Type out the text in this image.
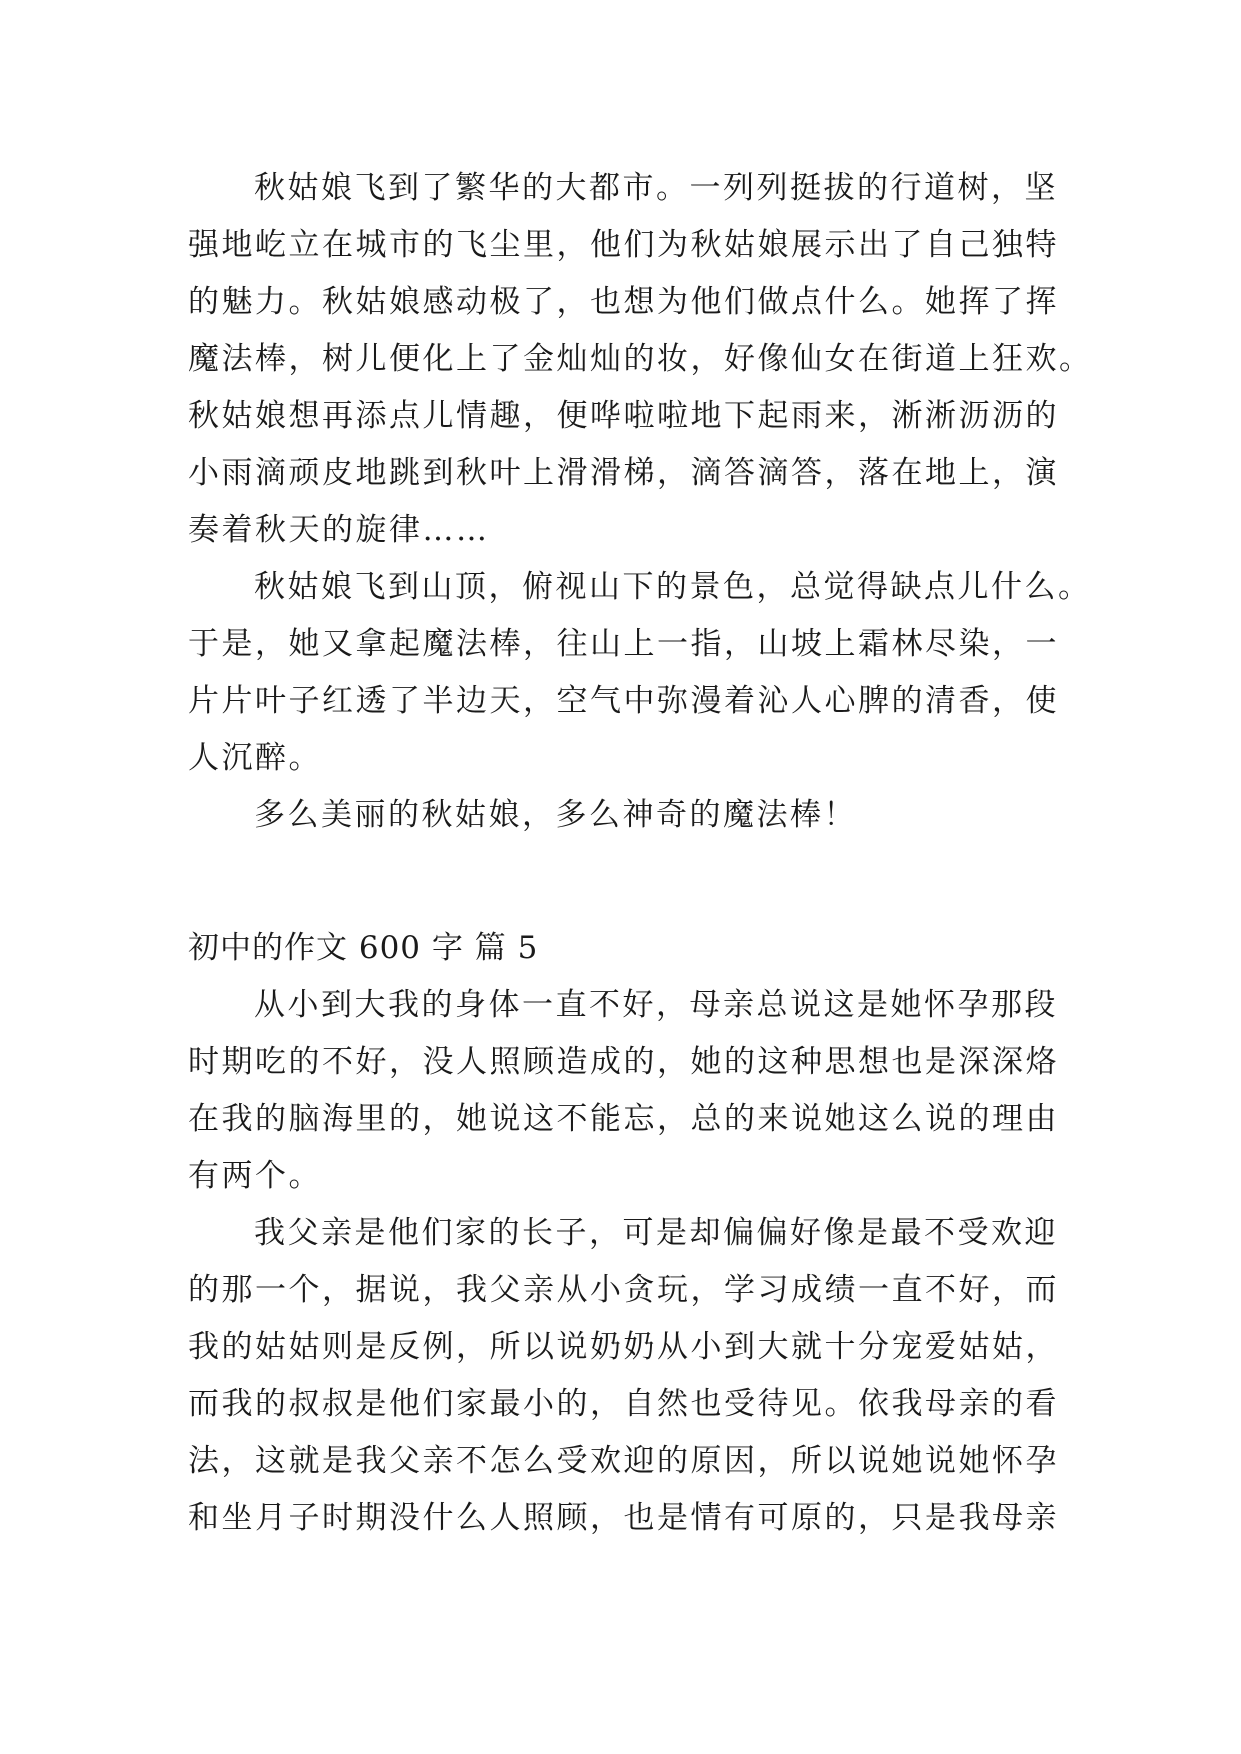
秋姑娘飞到了繁华的大都市。一列列挺拔的行道树，坚
强地屹立在城市的飞尘里，他们为秋姑娘展示出了自己独特
的魅力。秋姑娘感动极了，也想为他们做点什么。她挥了挥
魔法棒，树儿便化上了金灿灿的妆，好像仙女在街道上狂欢。
秋姑娘想再添点儿情趣，便哗啦啦地下起雨来，淅淅沥沥的
小雨滴顽皮地跳到秋叶上滑滑梯，滴答滴答，落在地上，演
奏着秋天的旋律……
秋姑娘飞到山顶，俯视山下的景色，总觉得缺点儿什么。
于是，她又拿起魔法棒，往山上一指，山坡上霜林尽染，一
片片叶子红透了半边天，空气中弥漫着沁人心脾的清香，使
人沉醉。
多么美丽的秋姑娘，多么神奇的魔法棒！
初中的作文 600 字 篇 5
从小到大我的身体一直不好，母亲总说这是她怀孕那段
时期吃的不好，没人照顾造成的，她的这种思想也是深深烙
在我的脑海里的，她说这不能忘，总的来说她这么说的理由
有两个。
我父亲是他们家的长子，可是却偏偏好像是最不受欢迎
的那一个，据说，我父亲从小贪玩，学习成绩一直不好，而
我的姑姑则是反例，所以说奶奶从小到大就十分宠爱姑姑，
而我的叔叔是他们家最小的，自然也受待见。依我母亲的看
法，这就是我父亲不怎么受欢迎的原因，所以说她说她怀孕
和坐月子时期没什么人照顾，也是情有可原的，只是我母亲
